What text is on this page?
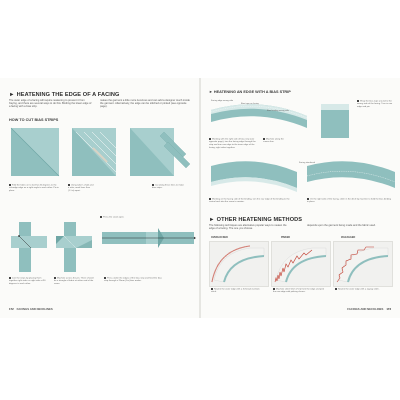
► HEATENING THE EDGE OF A FACING
The outer edge of a facing will require neatening to prevent it from fraying, and there are several ways to do this. Binding the lower edge of a facing with a bias strip.
makes the garment a little more luxurious and can add a designer touch inside the garment. Alternatively, the edge can be stitched or pinked (see opposite page).
HOW TO CUT BIAS STRIPS
Fold the fabric on to itself at 45 degrees to the selvedge edge on a right angle to each other. Pin in place.
Using tailor's chalk and a ruler, mark lines 4cm (1½in) apart.
Cut along these lines to make bias strips.
Press the seam open.
Join the strips by placing them together right sides so right side at 90 degrees to each other.
Machine across the pin. There should be a triangle of fabric at either end of the seam.
Press under the edges of the bias strip and feed the bias strip through a 25mm (1in) bias maker.
172 FACINGS AND NECKLINES
► HEATENING AN EDGE WITH A BIAS STRIP
Facing edge wrong side
Bias tape on facing
Bias binding wrong side
Wrap the bias tape around to the wrong side of the facing. Turn in raw edge and pin.
Working with the right side of bias strip (see opposite page), turn the facing edge through the strip and turn raw edge to the inner edge of the facing; right sides together.
Machine along the crease line.
Facing interfaced
Working on the facing side of the binding, turn the raw edge of the binding to the centre back into the seam to neaten.
On the right side of the facing, stitch in the ditch by machine to hold the bias binding in place.
► OTHER HEATENING METHODS
The following techniques are alternative popular ways to neaten the edge of a facing. The one you choose
depends upon the garment being made and the fabric used.
OVERLOCKED	PINKED	ZIGZAGGED
Neaten the outer edge with a 3-thread overlock stitch.
Machine stitch 5mm (¼in) from the edge and pink the raw edge with pinking shears.
Neaten the outer edge with a zigzag stitch.
FACINGS AND NECKLINES 173
